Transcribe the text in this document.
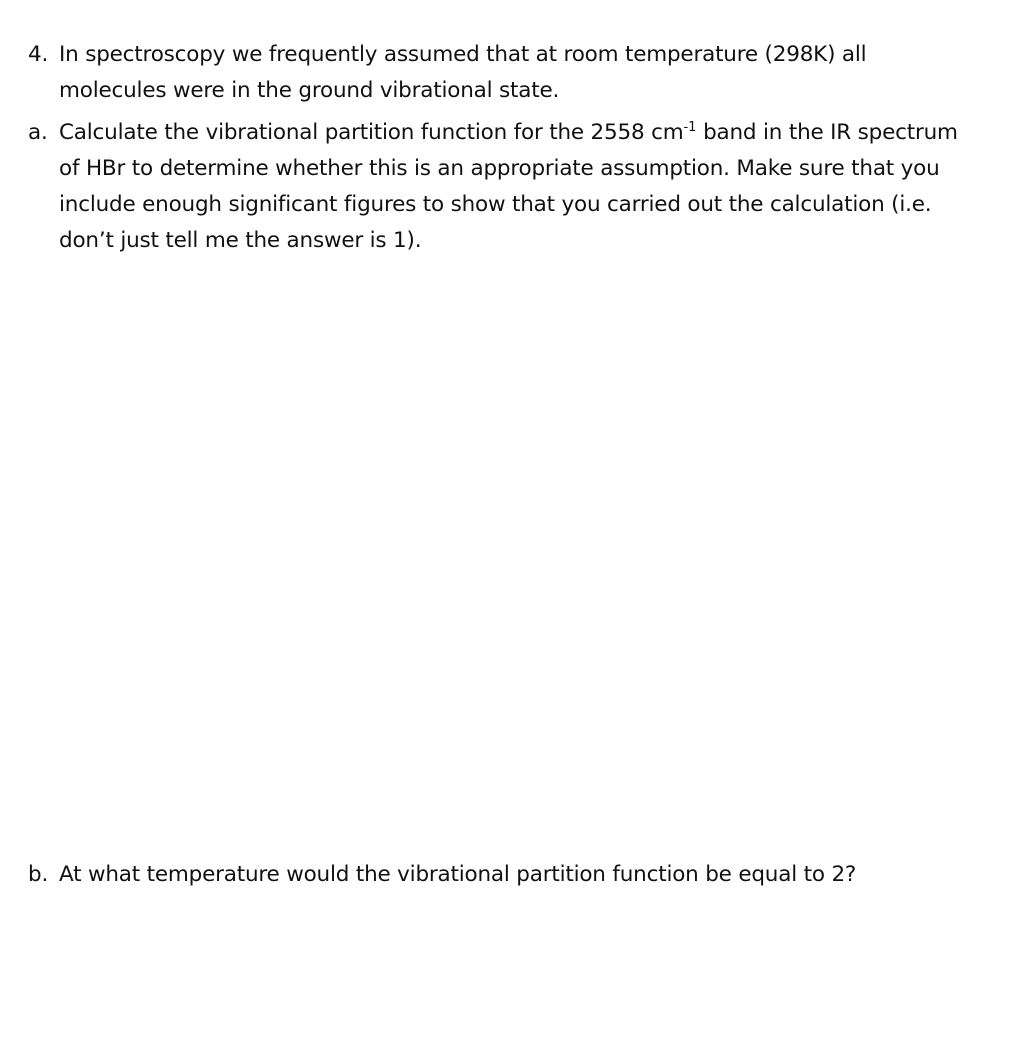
4. In spectroscopy we frequently assumed that at room temperature (298K) all
molecules were in the ground vibrational state.
a. Calculate the vibrational partition function for the 2558 $cm^{-1}$ band in the IR spectrum
of HBr to determine whether this is an appropriate assumption. Make sure that you
include enough significant figures to show that you carried out the calculation (i.e.
don’t just tell me the answer is 1).
b. At what temperature would the vibrational partition function be equal to 2?
